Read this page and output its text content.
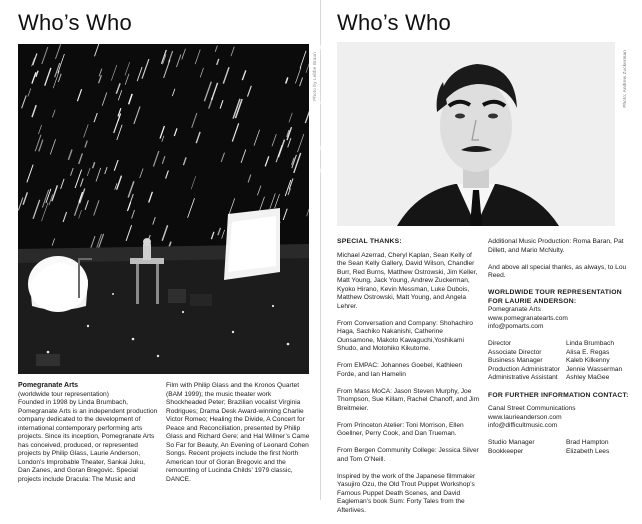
Who’s Who
Photo by Lebbe Braun
Pomegranate Arts
(worldwide tour representation)
Founded in 1998 by Linda Brumbach, Pomegranate Arts is an independent production company dedicated to the development of international contemporary performing arts projects. Since its inception, Pomegranate Arts has conceived, produced, or represented projects by Philip Glass, Laurie Anderson, London’s Improbable Theater, Sankai Juku, Dan Zanes, and Goran Bregovic. Special projects include Dracula: The Music and
Film with Philip Glass and the Kronos Quartet (BAM 1999); the music theater work Shockheaded Peter; Brazilian vocalist Virginia Rodrigues; Drama Desk Award-winning Charlie Victor Romeo; Healing the Divide, A Concert for Peace and Reconciliation, presented by Philip Glass and Richard Gere; and Hal Willner’s Came So Far for Beauty, An Evening of Leonard Cohen Songs. Recent projects include the first North American tour of Goran Bregovic and the remounting of Lucinda Childs’ 1979 classic, DANCE.
Who’s Who
Photo: Andrew Zuckerman
SPECIAL THANKS:

Michael Azerrad, Cheryl Kaplan, Sean Kelly of the Sean Kelly Gallery, David Wilson, Chandler Burr, Red Burns, Matthew Ostrowski, Jim Keller, Matt Young, Jack Young, Andrew Zuckerman, Kyoko Hirano, Kevin Messman, Luke Dubois, Matthew Ostrowski, Matt Young, and Angela Lehrer.

From Conversation and Company: Shohachiro Haga, Sachiko Nakanishi, Catherine Ounsamone, Makoto Kawaguchi,Yoshikami Shudo, and Motohiko Kikutome.

From EMPAC: Johannes Goebel, Kathleen Forde, and Ian Hamelin

From Mass MoCA: Jason Steven Murphy, Joe Thompson, Sue Killam, Rachel Chanoff, and Jim Breitmeier.

From Princeton Atelier: Toni Morrison, Ellen Goellner, Perry Cook, and Dan Trueman.

From Bergen Community College: Jessica Silver and Tom O’Neill.

Inspired by the work of the Japanese filmmaker Yasujiro Ozu, the Old Trout Puppet Workshop’s Famous Puppet Death Scenes, and David Eagleman’s book Sum: Forty Tales from the Afterlives.

Additional Music Production: Roma Baran, Pat Dillett, and Mario McNulty.

And above all special thanks, as always, to Lou Reed.

WORLDWIDE TOUR REPRESENTATION
FOR LAURIE ANDERSON:

Pomegranate Arts
www.pomegranatearts.com
info@pomarts.com

Director	Linda Brumbach
Associate Director	Alisa E. Regas
Business Manager	Kaleb Kilkenny
Production Administrator Jennie Wasserman
Administrative Assistant	Ashley MaGee
FOR FURTHER INFORMATION CONTACT:

Canal Street Communications
www.laurieanderson.com
info@difficultmusic.com

Studio Manager	Brad Hampton
Bookkeeper	Elizabeth Lees
